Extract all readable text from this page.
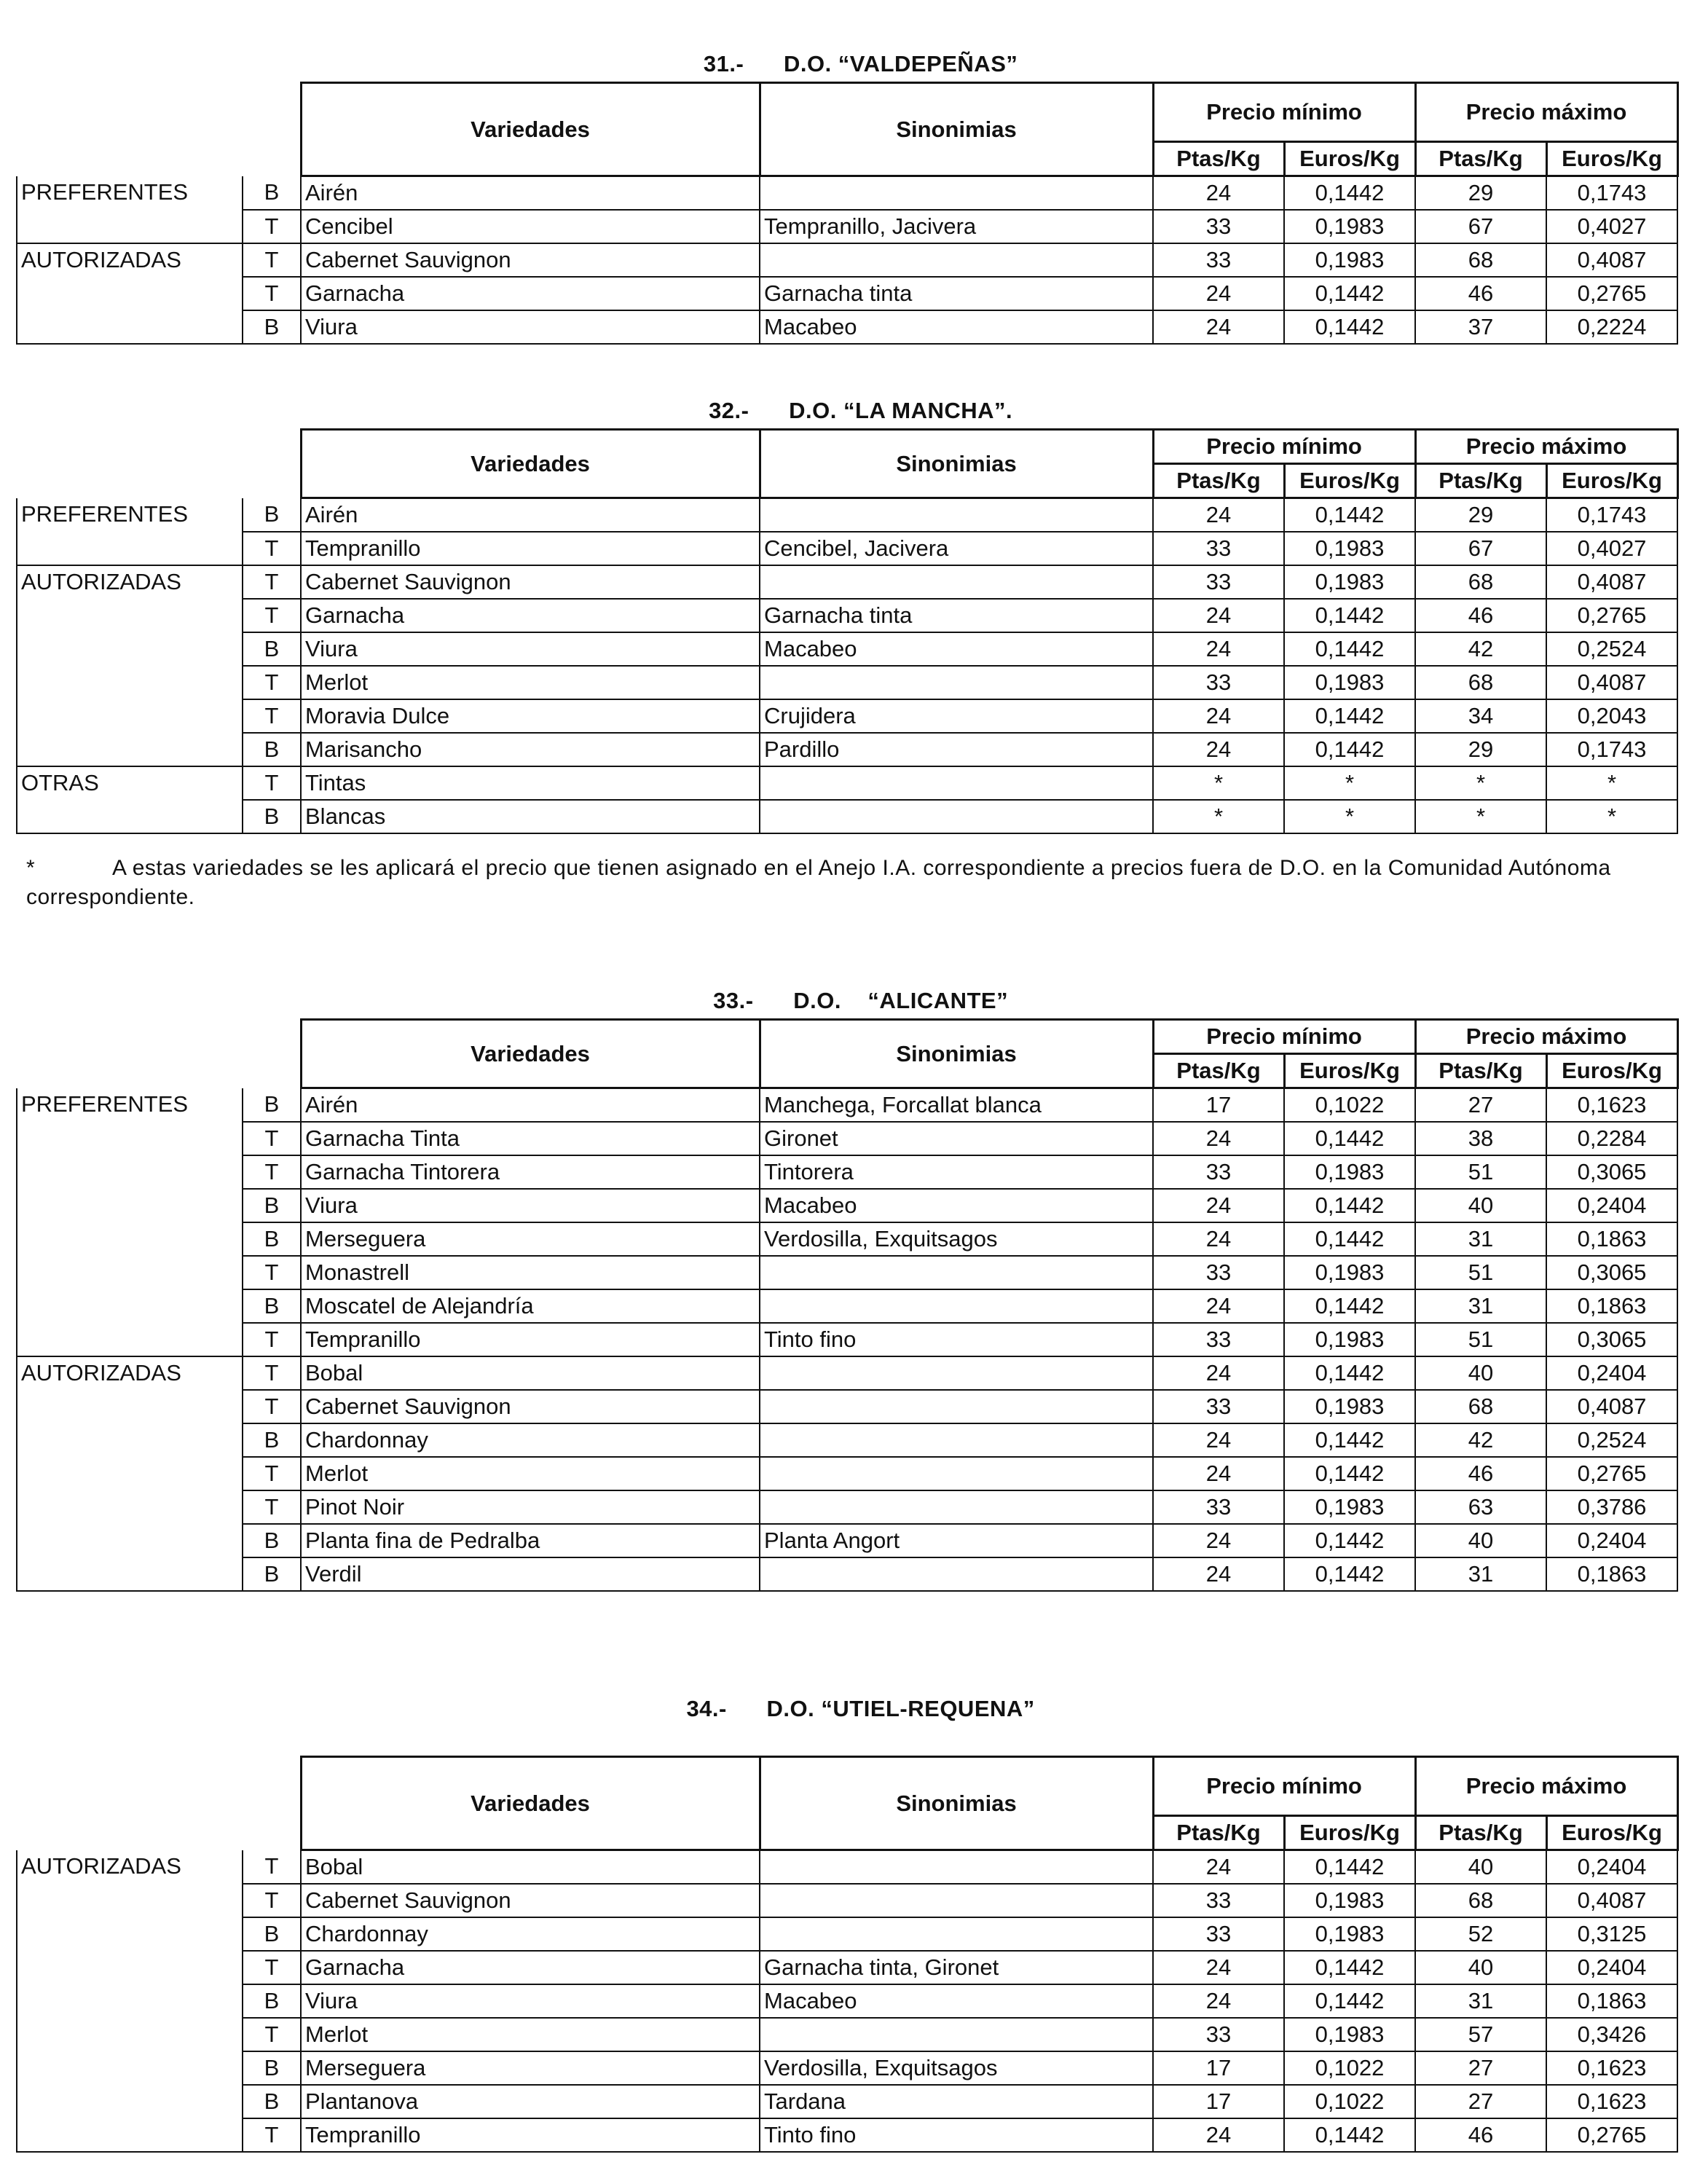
31.- D.O. “VALDEPEÑAS”

		Variedades	Sinonimias	Precio mínimo		Precio máximo	
				Ptas/Kg	Euros/Kg	Ptas/Kg	Euros/Kg
PREFERENTES	B	Airén		24	0,1442	29	0,1743
	T	Cencibel	Tempranillo, Jacivera	33	0,1983	67	0,4027
AUTORIZADAS	T	Cabernet Sauvignon		33	0,1983	68	0,4087
	T	Garnacha	Garnacha tinta	24	0,1442	46	0,2765
	B	Viura	Macabeo	24	0,1442	37	0,2224

32.- D.O. “LA MANCHA”.

		Variedades	Sinonimias	Precio mínimo		Precio máximo	
				Ptas/Kg	Euros/Kg	Ptas/Kg	Euros/Kg
PREFERENTES	B	Airén		24	0,1442	29	0,1743
	T	Tempranillo	Cencibel, Jacivera	33	0,1983	67	0,4027
AUTORIZADAS	T	Cabernet Sauvignon		33	0,1983	68	0,4087
	T	Garnacha	Garnacha tinta	24	0,1442	46	0,2765
	B	Viura	Macabeo	24	0,1442	42	0,2524
	T	Merlot		33	0,1983	68	0,4087
	T	Moravia Dulce	Crujidera	24	0,1442	34	0,2043
	B	Marisancho	Pardillo	24	0,1442	29	0,1743
OTRAS	T	Tintas		*	*	*	*
	B	Blancas		*	*	*	*
*	A estas variedades se les aplicará el precio que tienen asignado en el Anejo I.A. correspondiente a precios fuera de D.O. en la Comunidad Autónoma correspondiente.

33.- D.O.    “ALICANTE”

		Variedades	Sinonimias	Precio mínimo		Precio máximo	
				Ptas/Kg	Euros/Kg	Ptas/Kg	Euros/Kg
PREFERENTES	B	Airén	Manchega, Forcallat blanca	17	0,1022	27	0,1623
	T	Garnacha Tinta	Gironet	24	0,1442	38	0,2284
	T	Garnacha Tintorera	Tintorera	33	0,1983	51	0,3065
	B	Viura	Macabeo	24	0,1442	40	0,2404
	B	Merseguera	Verdosilla, Exquitsagos	24	0,1442	31	0,1863
	T	Monastrell		33	0,1983	51	0,3065
	B	Moscatel de Alejandría		24	0,1442	31	0,1863
	T	Tempranillo	Tinto fino	33	0,1983	51	0,3065
AUTORIZADAS	T	Bobal		24	0,1442	40	0,2404
	T	Cabernet Sauvignon		33	0,1983	68	0,4087
	B	Chardonnay		24	0,1442	42	0,2524
	T	Merlot		24	0,1442	46	0,2765
	T	Pinot Noir		33	0,1983	63	0,3786
	B	Planta fina de Pedralba	Planta Angort	24	0,1442	40	0,2404
	B	Verdil		24	0,1442	31	0,1863

34.- D.O. “UTIEL-REQUENA”

		Variedades	Sinonimias	Precio mínimo		Precio máximo	
				Ptas/Kg	Euros/Kg	Ptas/Kg	Euros/Kg
AUTORIZADAS	T	Bobal		24	0,1442	40	0,2404
	T	Cabernet Sauvignon		33	0,1983	68	0,4087
	B	Chardonnay		33	0,1983	52	0,3125
	T	Garnacha	Garnacha tinta, Gironet	24	0,1442	40	0,2404
	B	Viura	Macabeo	24	0,1442	31	0,1863
	T	Merlot		33	0,1983	57	0,3426
	B	Merseguera	Verdosilla, Exquitsagos	17	0,1022	27	0,1623
	B	Plantanova	Tardana	17	0,1022	27	0,1623
	T	Tempranillo	Tinto fino	24	0,1442	46	0,2765
